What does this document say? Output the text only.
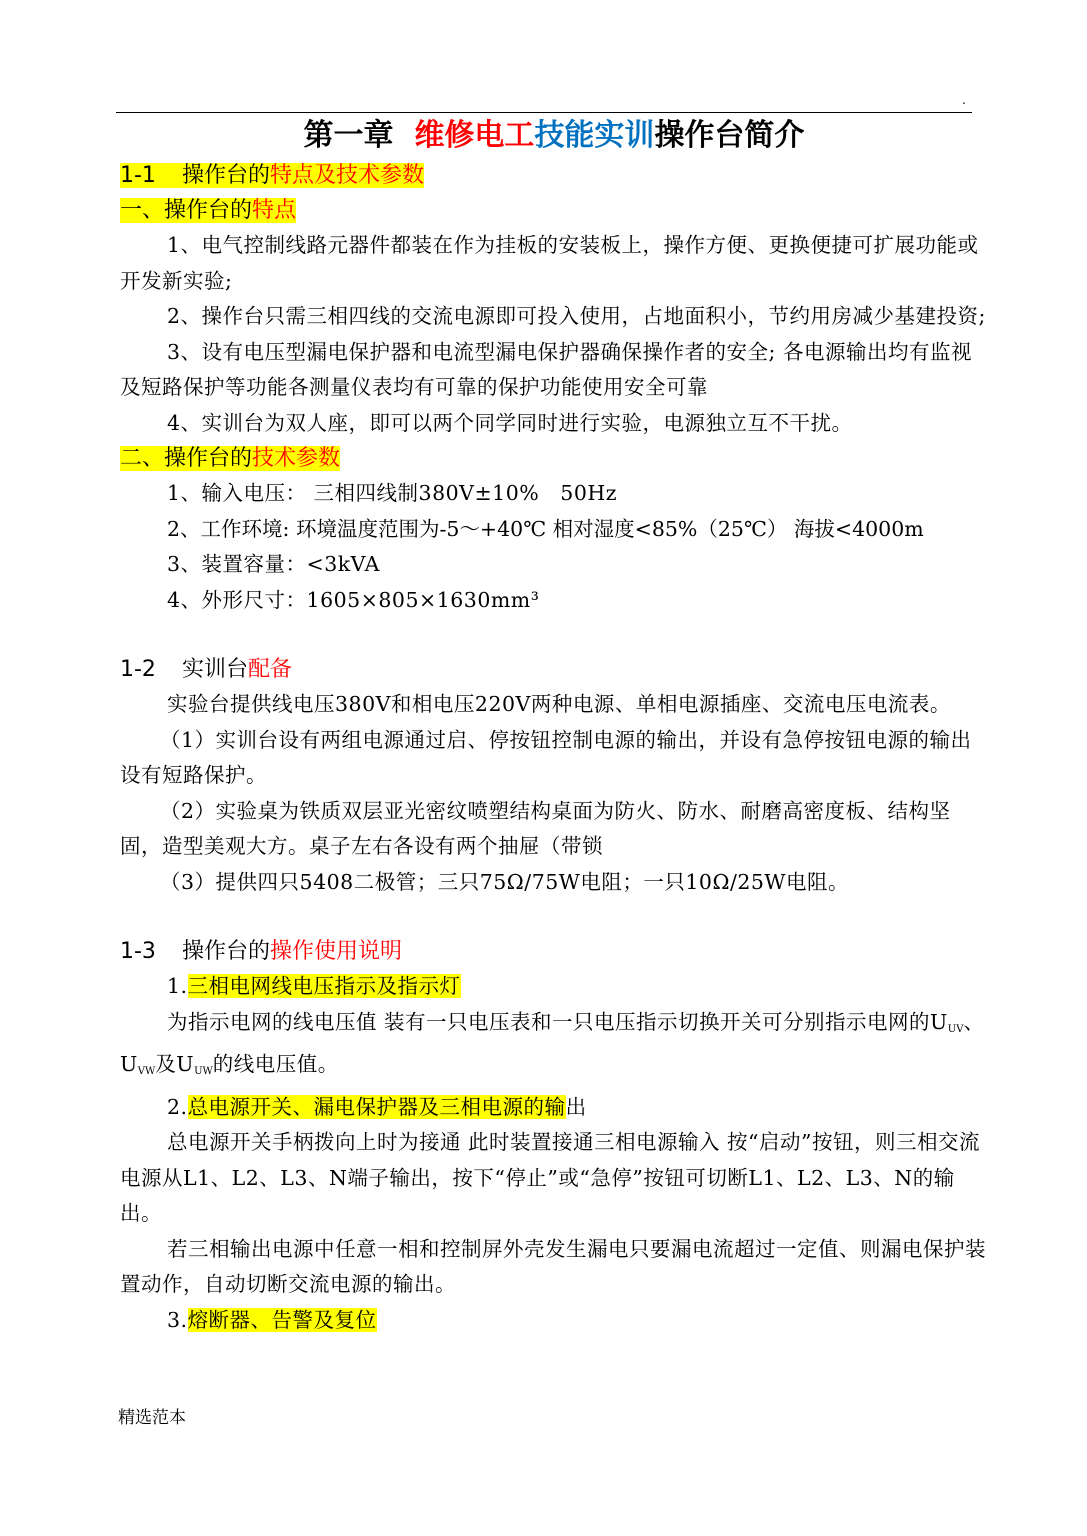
.
第一章  维修电工技能实训操作台简介
1-1 操作台的特点及技术参数
一、操作台的特点
1、电气控制线路元器件都装在作为挂板的安装板上，操作方便、更换便捷可扩展功能或开发新实验;
2、操作台只需三相四线的交流电源即可投入使用，占地面积小，节约用房减少基建投资;
3、设有电压型漏电保护器和电流型漏电保护器确保操作者的安全; 各电源输出均有监视及短路保护等功能各测量仪表均有可靠的保护功能使用安全可靠
4、实训台为双人座，即可以两个同学同时进行实验，电源独立互不干扰。
二、操作台的技术参数
1、输入电压： 三相四线制380V±10%   50Hz
2、工作环境: 环境温度范围为-5～+40℃ 相对湿度<85%（25℃） 海拔<4000m
3、装置容量：<3kVA
4、外形尺寸：1605×805×1630mm³
1-2 实训台配备
实验台提供线电压380V和相电压220V两种电源、单相电源插座、交流电压电流表。
（1）实训台设有两组电源通过启、停按钮控制电源的输出，并设有急停按钮电源的输出设有短路保护。
（2）实验桌为铁质双层亚光密纹喷塑结构桌面为防火、防水、耐磨高密度板、结构坚固，造型美观大方。桌子左右各设有两个抽屉（带锁
（3）提供四只5408二极管；三只75Ω/75W电阻；一只10Ω/25W电阻。
1-3 操作台的操作使用说明
1.三相电网线电压指示及指示灯
为指示电网的线电压值 装有一只电压表和一只电压指示切换开关可分别指示电网的$U_{UV}$、$U_{VW}$及$U_{UW}$的线电压值。
2.总电源开关、漏电保护器及三相电源的输出
总电源开关手柄拨向上时为接通 此时装置接通三相电源输入 按“启动”按钮，则三相交流电源从L1、L2、L3、N端子输出，按下“停止”或“急停”按钮可切断L1、L2、L3、N的输出。
若三相输出电源中任意一相和控制屏外壳发生漏电只要漏电流超过一定值、则漏电保护装置动作，自动切断交流电源的输出。
3.熔断器、告警及复位
精选范本
